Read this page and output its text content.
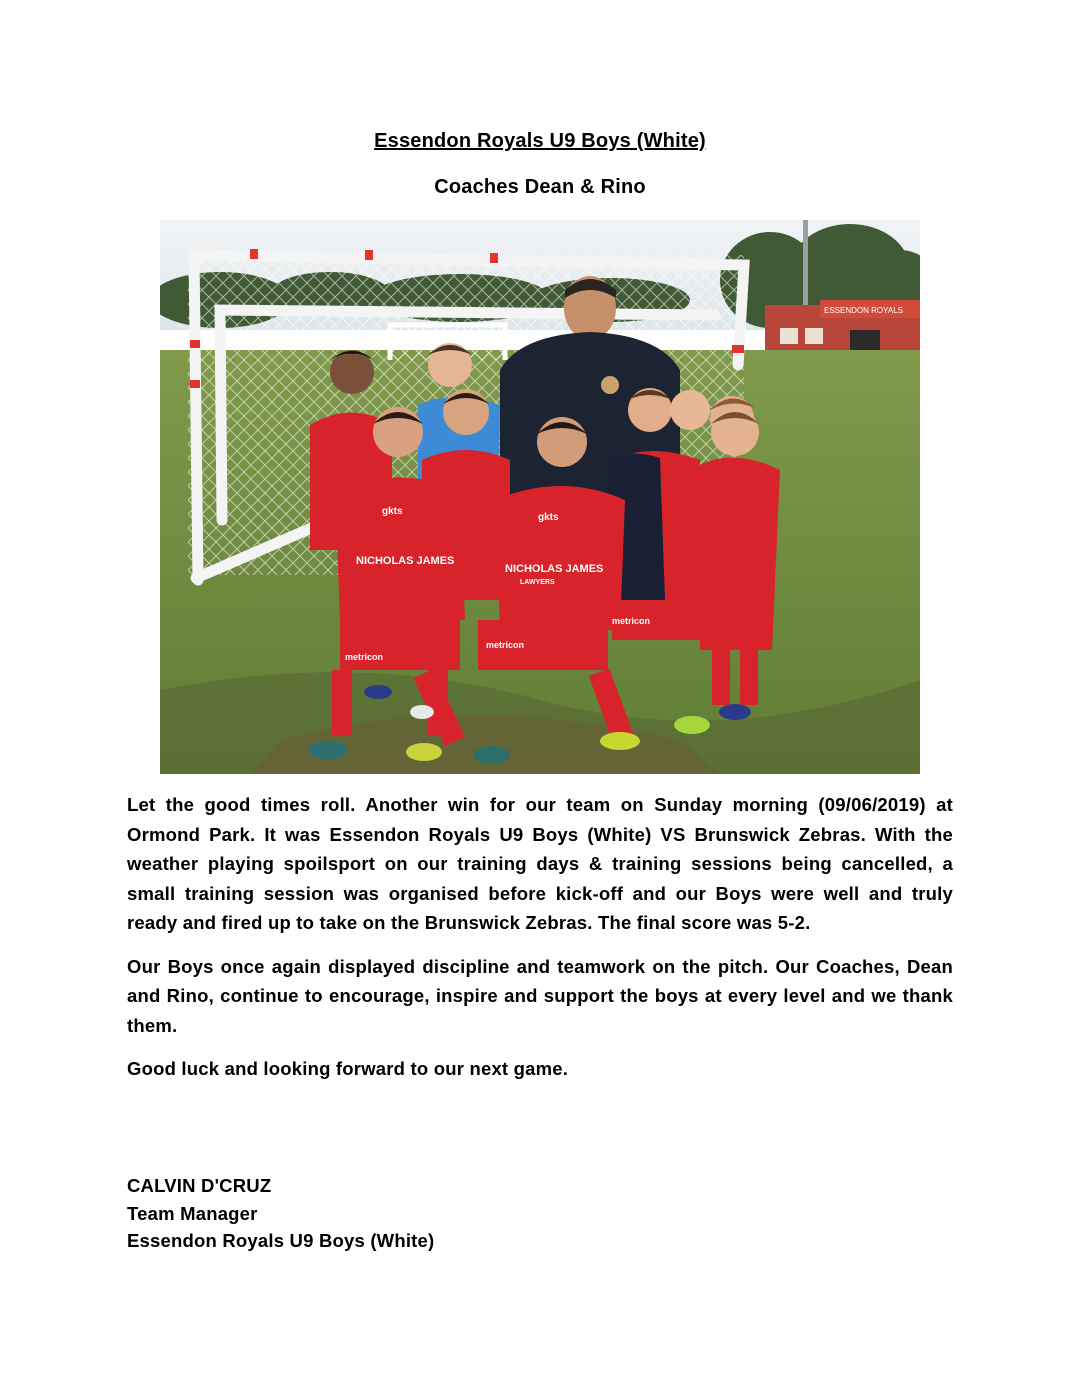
Essendon Royals U9 Boys (White)
Coaches Dean & Rino
ESSENDON ROYALS
NICHOLAS JAMES
NICHOLAS JAMES
LAWYERS
gkts
gkts
metricon
metricon
metricon

Let the good times roll. Another win for our team on Sunday morning (09/06/2019) at Ormond Park. It was Essendon Royals U9 Boys (White) VS Brunswick Zebras. With the weather playing spoilsport on our training days & training sessions being cancelled, a small training session was organised before kick-off and our Boys were well and truly ready and fired up to take on the Brunswick Zebras. The final score was 5-2.

Our Boys once again displayed discipline and teamwork on the pitch. Our Coaches, Dean and Rino, continue to encourage, inspire and support the boys at every level and we thank them.

Good luck and looking forward to our next game.

CALVIN D'CRUZ
Team Manager
Essendon Royals U9 Boys (White)
